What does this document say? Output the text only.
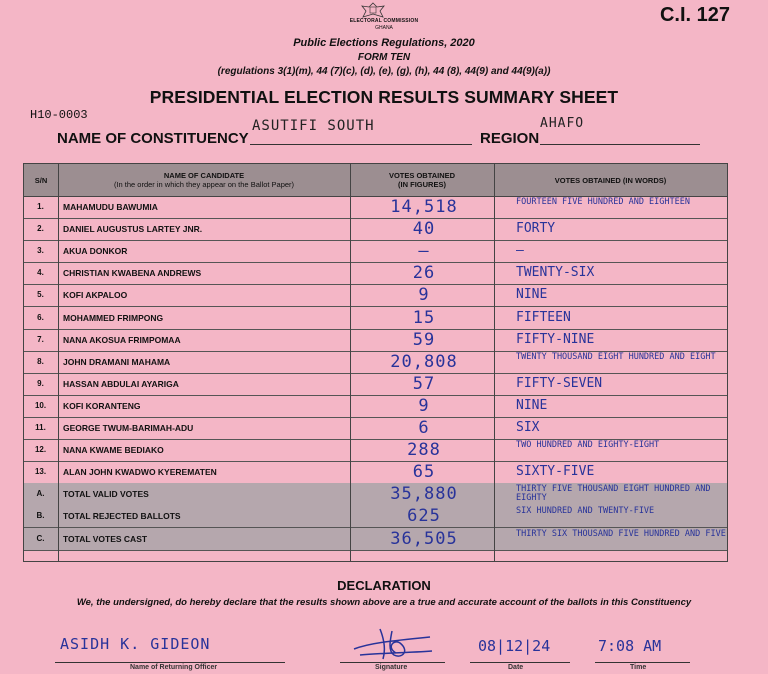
C.I. 127
ELECTORAL COMMISSION
GHANA
Public Elections Regulations, 2020
FORM TEN
(regulations 3(1)(m), 44 (7)(c), (d), (e), (g), (h), 44 (8), 44(9) and 44(9)(a))
PRESIDENTIAL ELECTION RESULTS SUMMARY SHEET
H10-0003
NAME OF CONSTITUENCY
ASUTIFI SOUTH
REGION
AHAFO
S/N	NAME OF CANDIDATE
(In the order in which they appear on the Ballot Paper)
VOTES OBTAINED
(IN FIGURES)	VOTES OBTAINED (IN WORDS)
1.	MAHAMUDU BAWUMIA	14,518	FOURTEEN FIVE HUNDRED AND EIGHTEEN
2.	DANIEL AUGUSTUS LARTEY JNR.	40	FORTY
3.	AKUA DONKOR	—	—
4.	CHRISTIAN KWABENA ANDREWS	26	TWENTY-SIX
5.	KOFI AKPALOO	9	NINE
6.	MOHAMMED FRIMPONG	15	FIFTEEN
7.	NANA AKOSUA FRIMPOMAA	59	FIFTY-NINE
8.	JOHN DRAMANI MAHAMA	20,808	TWENTY THOUSAND EIGHT HUNDRED AND EIGHT
9.	HASSAN ABDULAI AYARIGA	57	FIFTY-SEVEN
10.	KOFI KORANTENG	9	NINE
11.	GEORGE TWUM-BARIMAH-ADU	6	SIX
12.	NANA KWAME BEDIAKO	288	TWO HUNDRED AND EIGHTY-EIGHT
13.	ALAN JOHN KWADWO KYEREMATEN	65	SIXTY-FIVE
A.	TOTAL VALID VOTES	35,880	THIRTY FIVE THOUSAND EIGHT HUNDRED AND EIGHTY
B.	TOTAL REJECTED BALLOTS	625	SIX HUNDRED AND TWENTY-FIVE
C.	TOTAL VOTES CAST	36,505	THIRTY SIX THOUSAND FIVE HUNDRED AND FIVE
DECLARATION
We, the undersigned, do hereby declare that the results shown above are a true and accurate account of the ballots in this Constituency
ASIDH K. GIDEON	08|12|24	7:08 AM
Name of Returning Officer	Signature	Date	Time
